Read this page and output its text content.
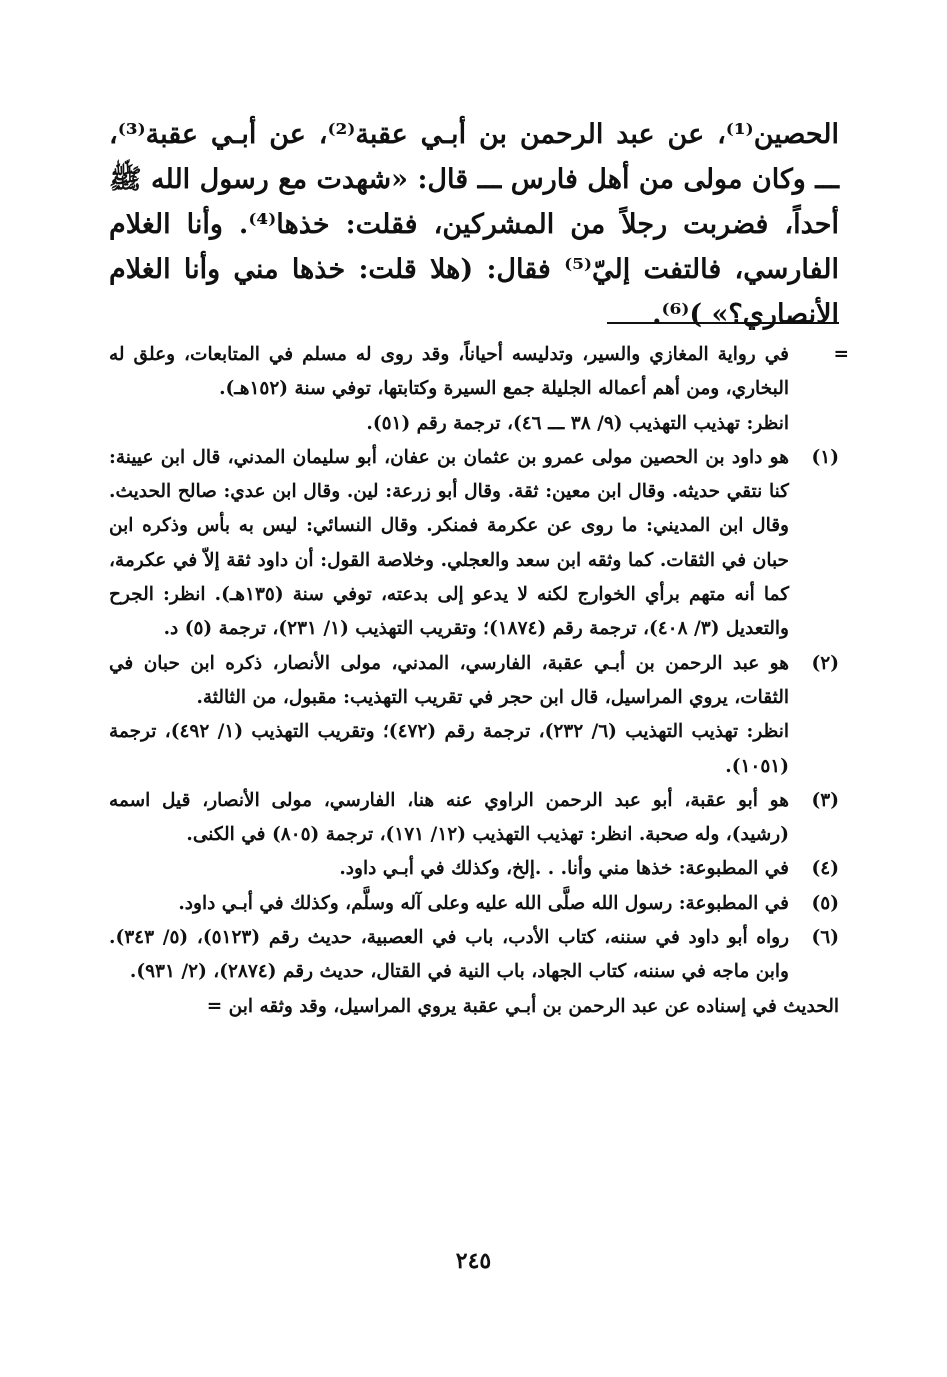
الحصين⁽¹⁾، عن عبد الرحمن بن أبـي عقبة⁽²⁾، عن أبـي عقبة⁽³⁾، ـــ وكان مولى من أهل فارس ـــ قال: «شهدت مع رسول الله ﷺ أحداً، فضربت رجلاً من المشركين، فقلت: خذها⁽⁴⁾. وأنا الغلام الفارسي، فالتفت إليّ⁽⁵⁾ فقال: (هلا قلت: خذها مني وأنا الغلام الأنصاري؟» )⁽⁶⁾.

=

في رواية المغازي والسير، وتدليسه أحياناً، وقد روى له مسلم في المتابعات، وعلق له البخاري، ومن أهم أعماله الجليلة جمع السيرة وكتابتها، توفي سنة (١٥٢هـ).

انظر: تهذيب التهذيب (٩/ ٣٨ ـــ ٤٦)، ترجمة رقم (٥١).

(١)

هو داود بن الحصين مولى عمرو بن عثمان بن عفان، أبو سليمان المدني، قال ابن عيينة: كنا نتقي حديثه. وقال ابن معين: ثقة. وقال أبو زرعة: لين. وقال ابن عدي: صالح الحديث. وقال ابن المديني: ما روى عن عكرمة فمنكر. وقال النسائي: ليس به بأس وذكره ابن حبان في الثقات. كما وثقه ابن سعد والعجلي. وخلاصة القول: أن داود ثقة إلاّ في عكرمة، كما أنه متهم برأي الخوارج لكنه لا يدعو إلى بدعته، توفي سنة (١٣٥هـ). انظر: الجرح والتعديل (٣/ ٤٠٨)، ترجمة رقم (١٨٧٤)؛ وتقريب التهذيب (١/ ٢٣١)، ترجمة (٥) د.

(٢)

هو عبد الرحمن بن أبـي عقبة، الفارسي، المدني، مولى الأنصار، ذكره ابن حبان في الثقات، يروي المراسيل، قال ابن حجر في تقريب التهذيب: مقبول، من الثالثة.

انظر: تهذيب التهذيب (٦/ ٢٣٢)، ترجمة رقم (٤٧٢)؛ وتقريب التهذيب (١/ ٤٩٢)، ترجمة (١٠٥١).

(٣)

هو أبو عقبة، أبو عبد الرحمن الراوي عنه هنا، الفارسي، مولى الأنصار، قيل اسمه (رشيد)، وله صحبة. انظر: تهذيب التهذيب (١٢/ ١٧١)، ترجمة (٨٠٥) في الكنى.

(٤)

في المطبوعة: خذها مني وأنا. . .إلخ، وكذلك في أبـي داود.

(٥)

في المطبوعة: رسول الله صلَّى الله عليه وعلى آله وسلَّم، وكذلك في أبـي داود.

(٦)

رواه أبو داود في سننه، كتاب الأدب، باب في العصبية، حديث رقم (٥١٢٣)، (٥/ ٣٤٣). وابن ماجه في سننه، كتاب الجهاد، باب النية في القتال، حديث رقم (٢٨٧٤)، (٢/ ٩٣١).

الحديث في إسناده عن عبد الرحمن بن أبـي عقبة يروي المراسيل، وقد وثقه ابن =

٢٤٥
